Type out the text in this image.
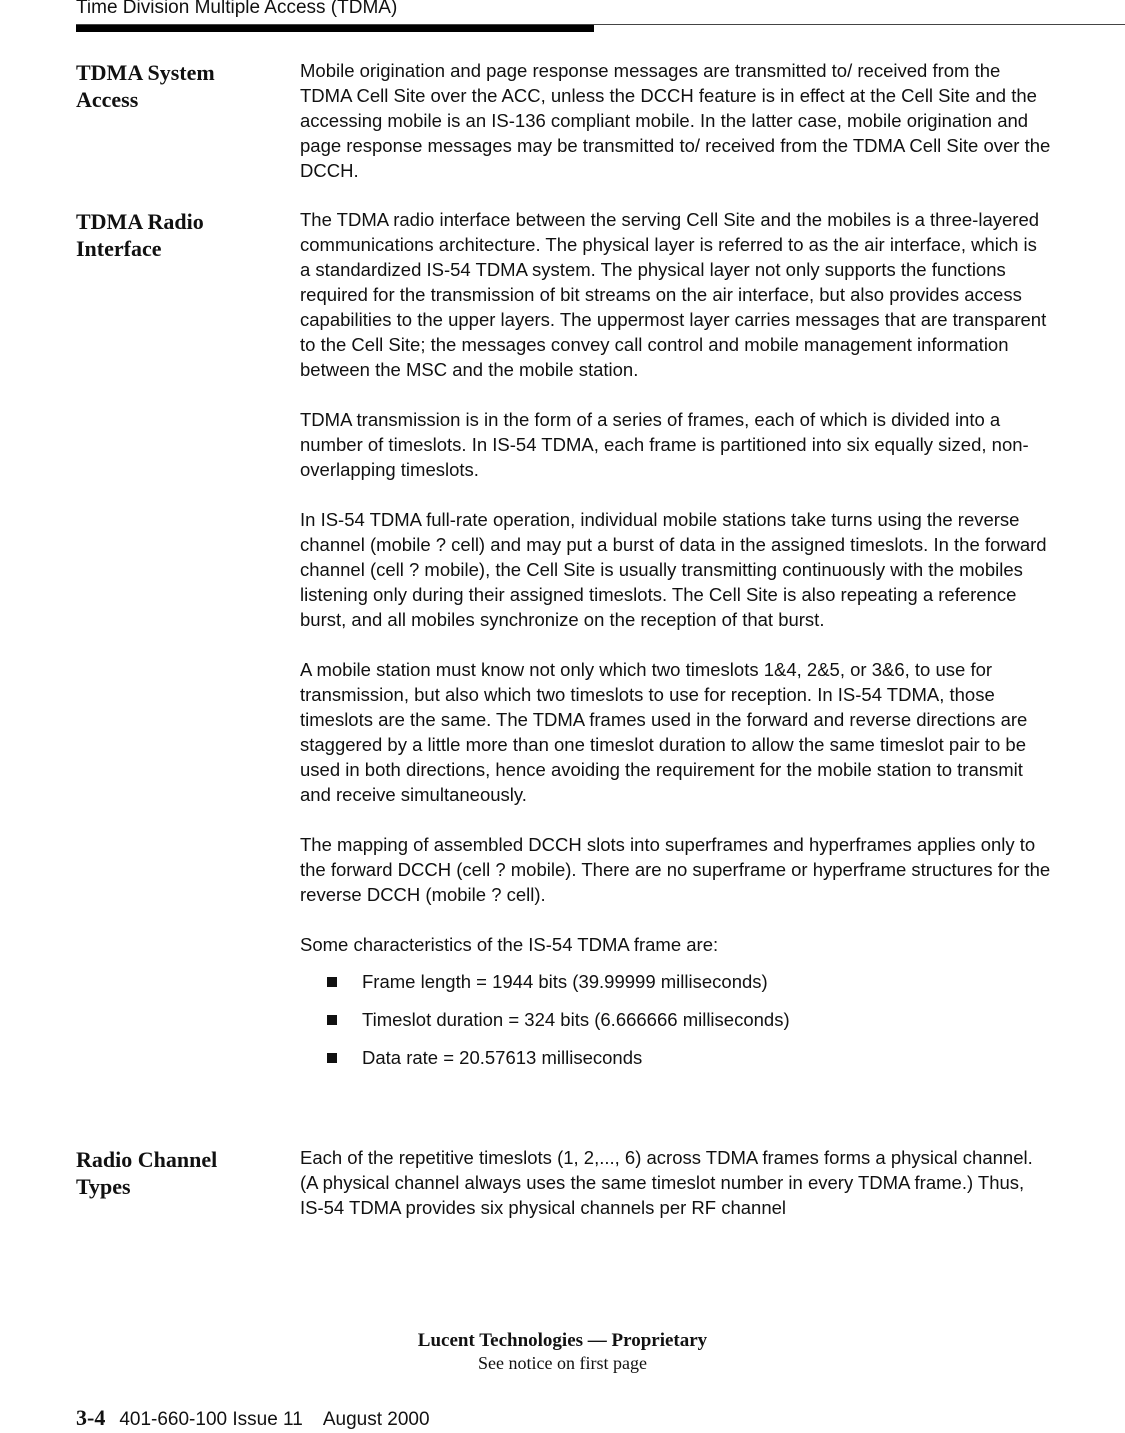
Time Division Multiple Access (TDMA)
TDMA System
Access

Mobile origination and page response messages are transmitted to/ received from the TDMA Cell Site over the ACC, unless the DCCH feature is in effect at the Cell Site and the accessing mobile is an IS-136 compliant mobile. In the latter case, mobile origination and page response messages may be transmitted to/ received from the TDMA Cell Site over the DCCH.

TDMA Radio
Interface

The TDMA radio interface between the serving Cell Site and the mobiles is a three-layered communications architecture. The physical layer is referred to as the air interface, which is a standardized IS-54 TDMA system. The physical layer not only supports the functions required for the transmission of bit streams on the air interface, but also provides access capabilities to the upper layers. The uppermost layer carries messages that are transparent to the Cell Site; the messages convey call control and mobile management information between the MSC and the mobile station.

TDMA transmission is in the form of a series of frames, each of which is divided into a number of timeslots. In IS-54 TDMA, each frame is partitioned into six equally sized, non-overlapping timeslots.

In IS-54 TDMA full-rate operation, individual mobile stations take turns using the reverse channel (mobile ? cell) and may put a burst of data in the assigned timeslots. In the forward channel (cell ? mobile), the Cell Site is usually transmitting continuously with the mobiles listening only during their assigned timeslots. The Cell Site is also repeating a reference burst, and all mobiles synchronize on the reception of that burst.

A mobile station must know not only which two timeslots 1&4, 2&5, or 3&6, to use for transmission, but also which two timeslots to use for reception. In IS-54 TDMA, those timeslots are the same. The TDMA frames used in the forward and reverse directions are staggered by a little more than one timeslot duration to allow the same timeslot pair to be used in both directions, hence avoiding the requirement for the mobile station to transmit and receive simultaneously.

The mapping of assembled DCCH slots into superframes and hyperframes applies only to the forward DCCH (cell ? mobile). There are no superframe or hyperframe structures for the reverse DCCH (mobile ? cell).

Some characteristics of the IS-54 TDMA frame are:

Frame length = 1944 bits (39.99999 milliseconds)
Timeslot duration = 324 bits (6.666666 milliseconds)
Data rate = 20.57613 milliseconds
Radio Channel
Types

Each of the repetitive timeslots (1, 2,..., 6) across TDMA frames forms a physical channel. (A physical channel always uses the same timeslot number in every TDMA frame.) Thus, IS-54 TDMA provides six physical channels per RF channel

Lucent Technologies — Proprietary
See notice on first page
3-4 401-660-100 Issue 11    August 2000
